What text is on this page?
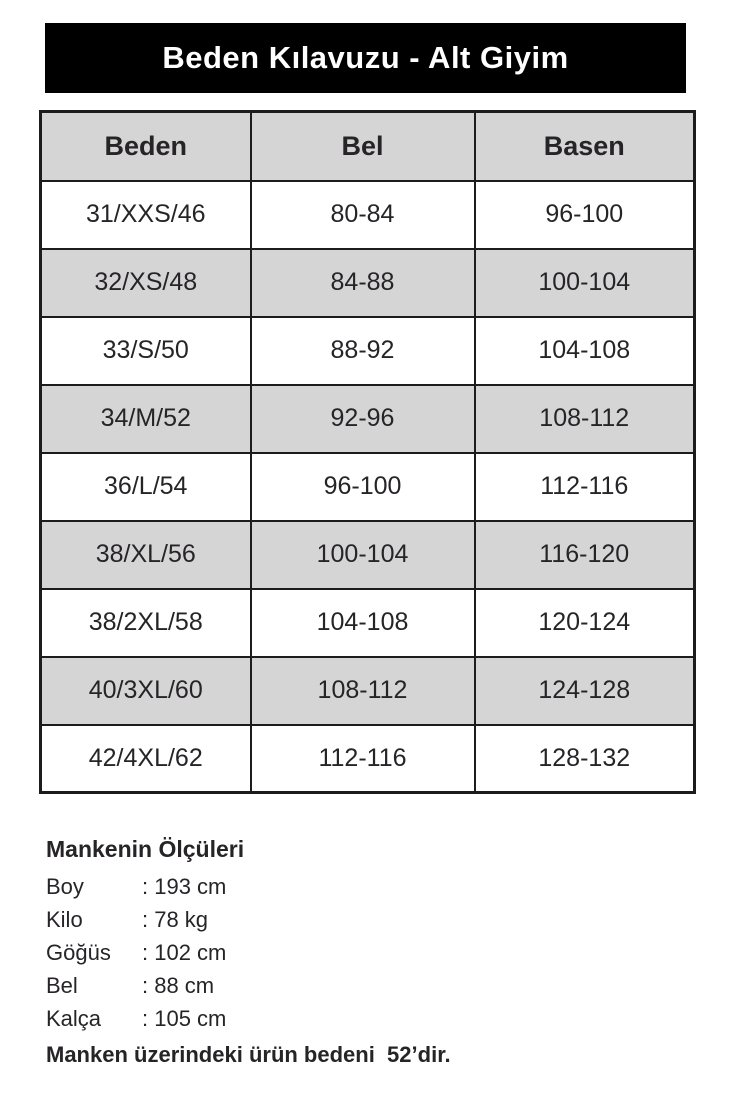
Beden Kılavuzu - Alt Giyim
Beden	Bel	Basen
31/XXS/46	80-84	96-100
32/XS/48	84-88	100-104
33/S/50	88-92	104-108
34/M/52	92-96	108-112
36/L/54	96-100	112-116
38/XL/56	100-104	116-120
38/2XL/58	104-108	120-124
40/3XL/60	108-112	124-128
42/4XL/62	112-116	128-132
Mankenin Ölçüleri
Boy	: 193 cm
Kilo	: 78 kg
Göğüs	: 102 cm
Bel	: 88 cm
Kalça	: 105 cm
Manken üzerindeki ürün bedeni  52’dir.
